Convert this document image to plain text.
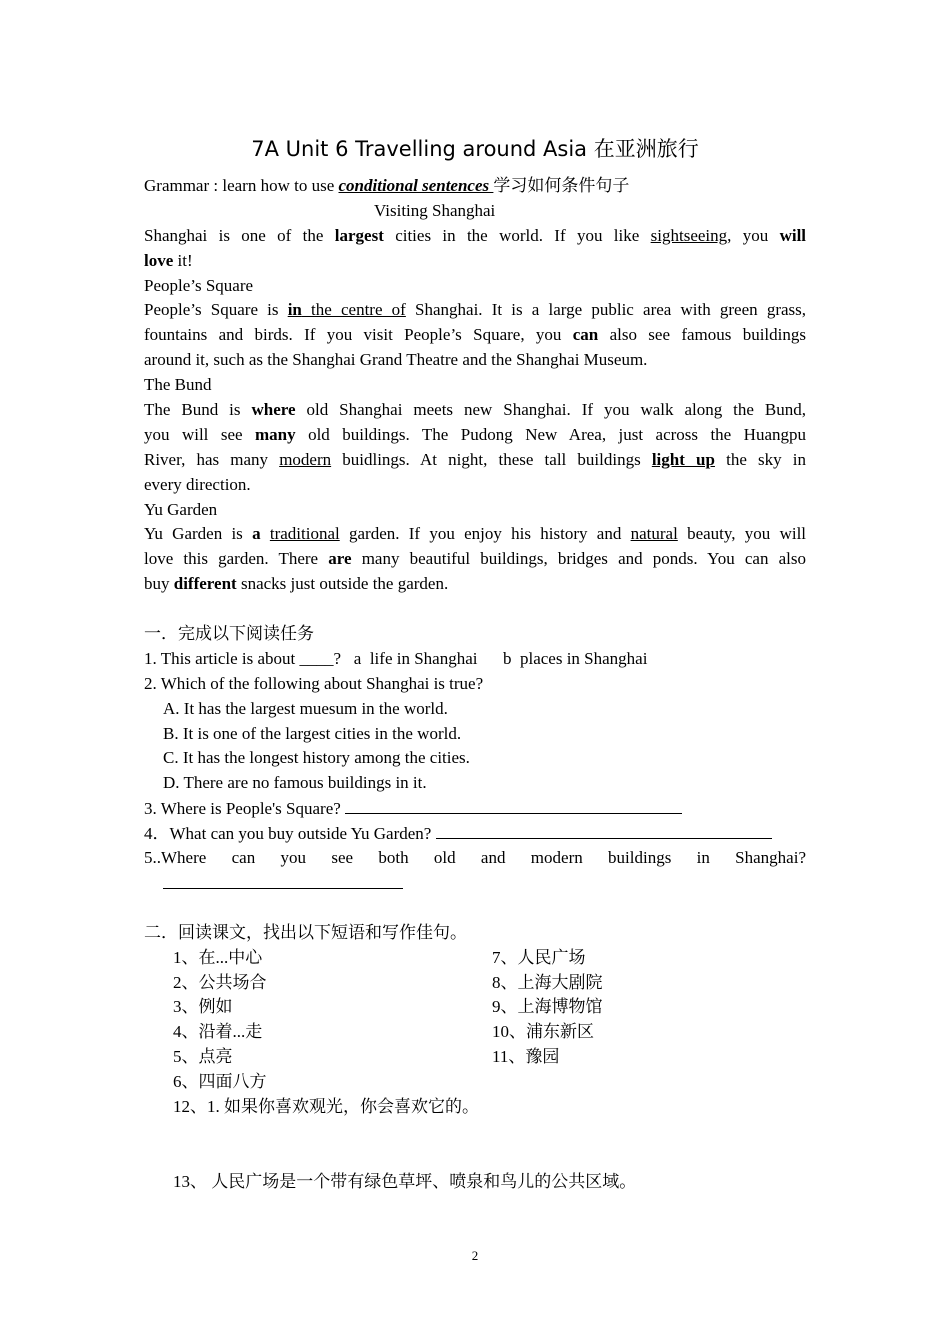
7A Unit 6 Travelling around Asia 在亚洲旅行
Grammar : learn how to use conditional sentences 学习如何条件句子
Visiting Shanghai
Shanghai is one of the largest cities in the world. If you like sightseeing, you will
love it!
People’s Square
People’s Square is in the centre of Shanghai. It is a large public area with green grass,
fountains and birds. If you visit People’s Square, you can also see famous buildings
around it, such as the Shanghai Grand Theatre and the Shanghai Museum.
The Bund
The Bund is where old Shanghai meets new Shanghai. If you walk along the Bund,
you will see many old buildings. The Pudong New Area, just across the Huangpu
River, has many modern buidlings. At night, these tall buildings light up the sky in
every direction.
Yu Garden
Yu Garden is a traditional garden. If you enjoy his history and natural beauty, you will
love this garden. There are many beautiful buildings, bridges and ponds. You can also
buy different snacks just outside the garden.
一．完成以下阅读任务
1. This article is about ____?   a  life in Shanghai      b  places in Shanghai
2. Which of the following about Shanghai is true?
A. It has the largest muesum in the world.
B. It is one of the largest cities in the world.
C. It has the longest history among the cities.
D. There are no famous buildings in it.
3. Where is People's Square?
4．What can you buy outside Yu Garden?
5..Where can you see both old and modern buildings in Shanghai?
二．回读课文，找出以下短语和写作佳句。
1、在...中心
2、公共场合
3、例如
4、沿着...走
5、点亮
6、四面八方
7、人民广场
8、上海大剧院
9、上海博物馆
10、浦东新区
11、豫园
12、1. 如果你喜欢观光，你会喜欢它的。
13、 人民广场是一个带有绿色草坪、喷泉和鸟儿的公共区域。
2
